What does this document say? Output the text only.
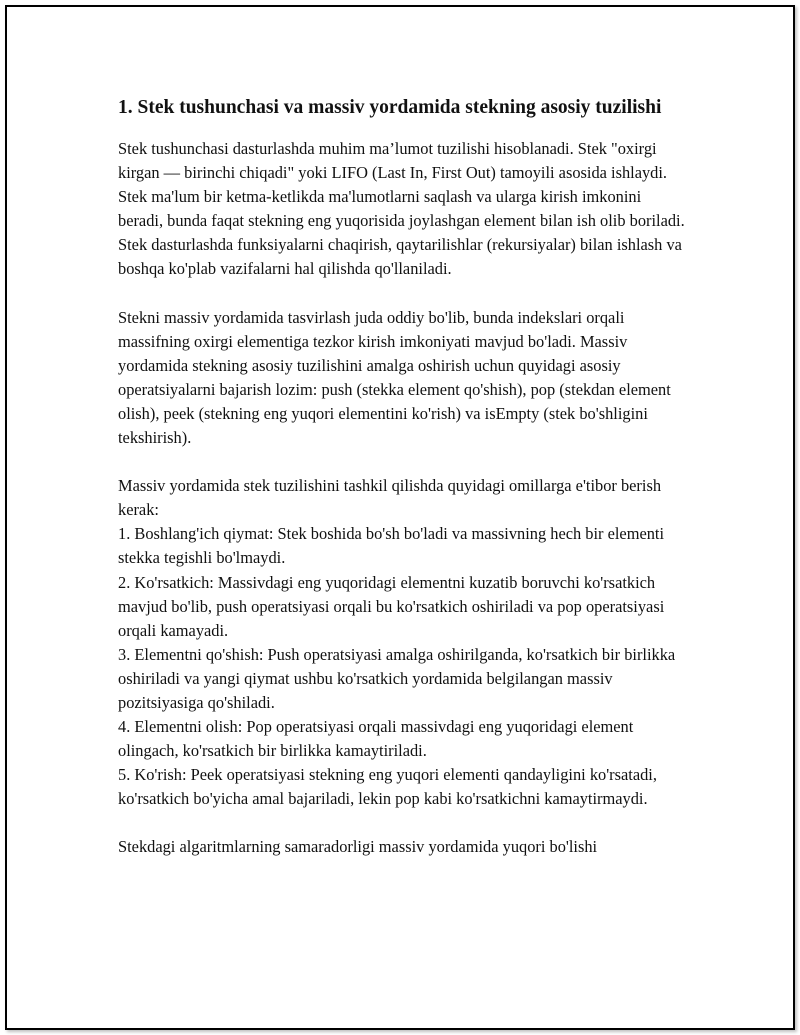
1. Stek tushunchasi va massiv yordamida stekning asosiy tuzilishi

Stek tushunchasi dasturlashda muhim ma’lumot tuzilishi hisoblanadi. Stek "oxirgi kirgan — birinchi chiqadi" yoki LIFO (Last In, First Out) tamoyili asosida ishlaydi. Stek ma'lum bir ketma-ketlikda ma'lumotlarni saqlash va ularga kirish imkonini beradi, bunda faqat stekning eng yuqorisida joylashgan element bilan ish olib boriladi. Stek dasturlashda funksiyalarni chaqirish, qaytarilishlar (rekursiyalar) bilan ishlash va boshqa ko'plab vazifalarni hal qilishda qo'llaniladi.

Stekni massiv yordamida tasvirlash juda oddiy bo'lib, bunda indekslari orqali massifning oxirgi elementiga tezkor kirish imkoniyati mavjud bo'ladi. Massiv yordamida stekning asosiy tuzilishini amalga oshirish uchun quyidagi asosiy operatsiyalarni bajarish lozim: push (stekka element qo'shish), pop (stekdan element olish), peek (stekning eng yuqori elementini ko'rish) va isEmpty (stek bo'shligini tekshirish).

Massiv yordamida stek tuzilishini tashkil qilishda quyidagi omillarga e'tibor berish kerak:

1. Boshlang'ich qiymat: Stek boshida bo'sh bo'ladi va massivning hech bir elementi stekka tegishli bo'lmaydi.

2. Ko'rsatkich: Massivdagi eng yuqoridagi elementni kuzatib boruvchi ko'rsatkich mavjud bo'lib, push operatsiyasi orqali bu ko'rsatkich oshiriladi va pop operatsiyasi orqali kamayadi.

3. Elementni qo'shish: Push operatsiyasi amalga oshirilganda, ko'rsatkich bir birlikka oshiriladi va yangi qiymat ushbu ko'rsatkich yordamida belgilangan massiv pozitsiyasiga qo'shiladi.

4. Elementni olish: Pop operatsiyasi orqali massivdagi eng yuqoridagi element olingach, ko'rsatkich bir birlikka kamaytiriladi.

5. Ko'rish: Peek operatsiyasi stekning eng yuqori elementi qandayligini ko'rsatadi, ko'rsatkich bo'yicha amal bajariladi, lekin pop kabi ko'rsatkichni kamaytirmaydi.

Stekdagi algaritmlarning samaradorligi massiv yordamida yuqori bo'lishi
